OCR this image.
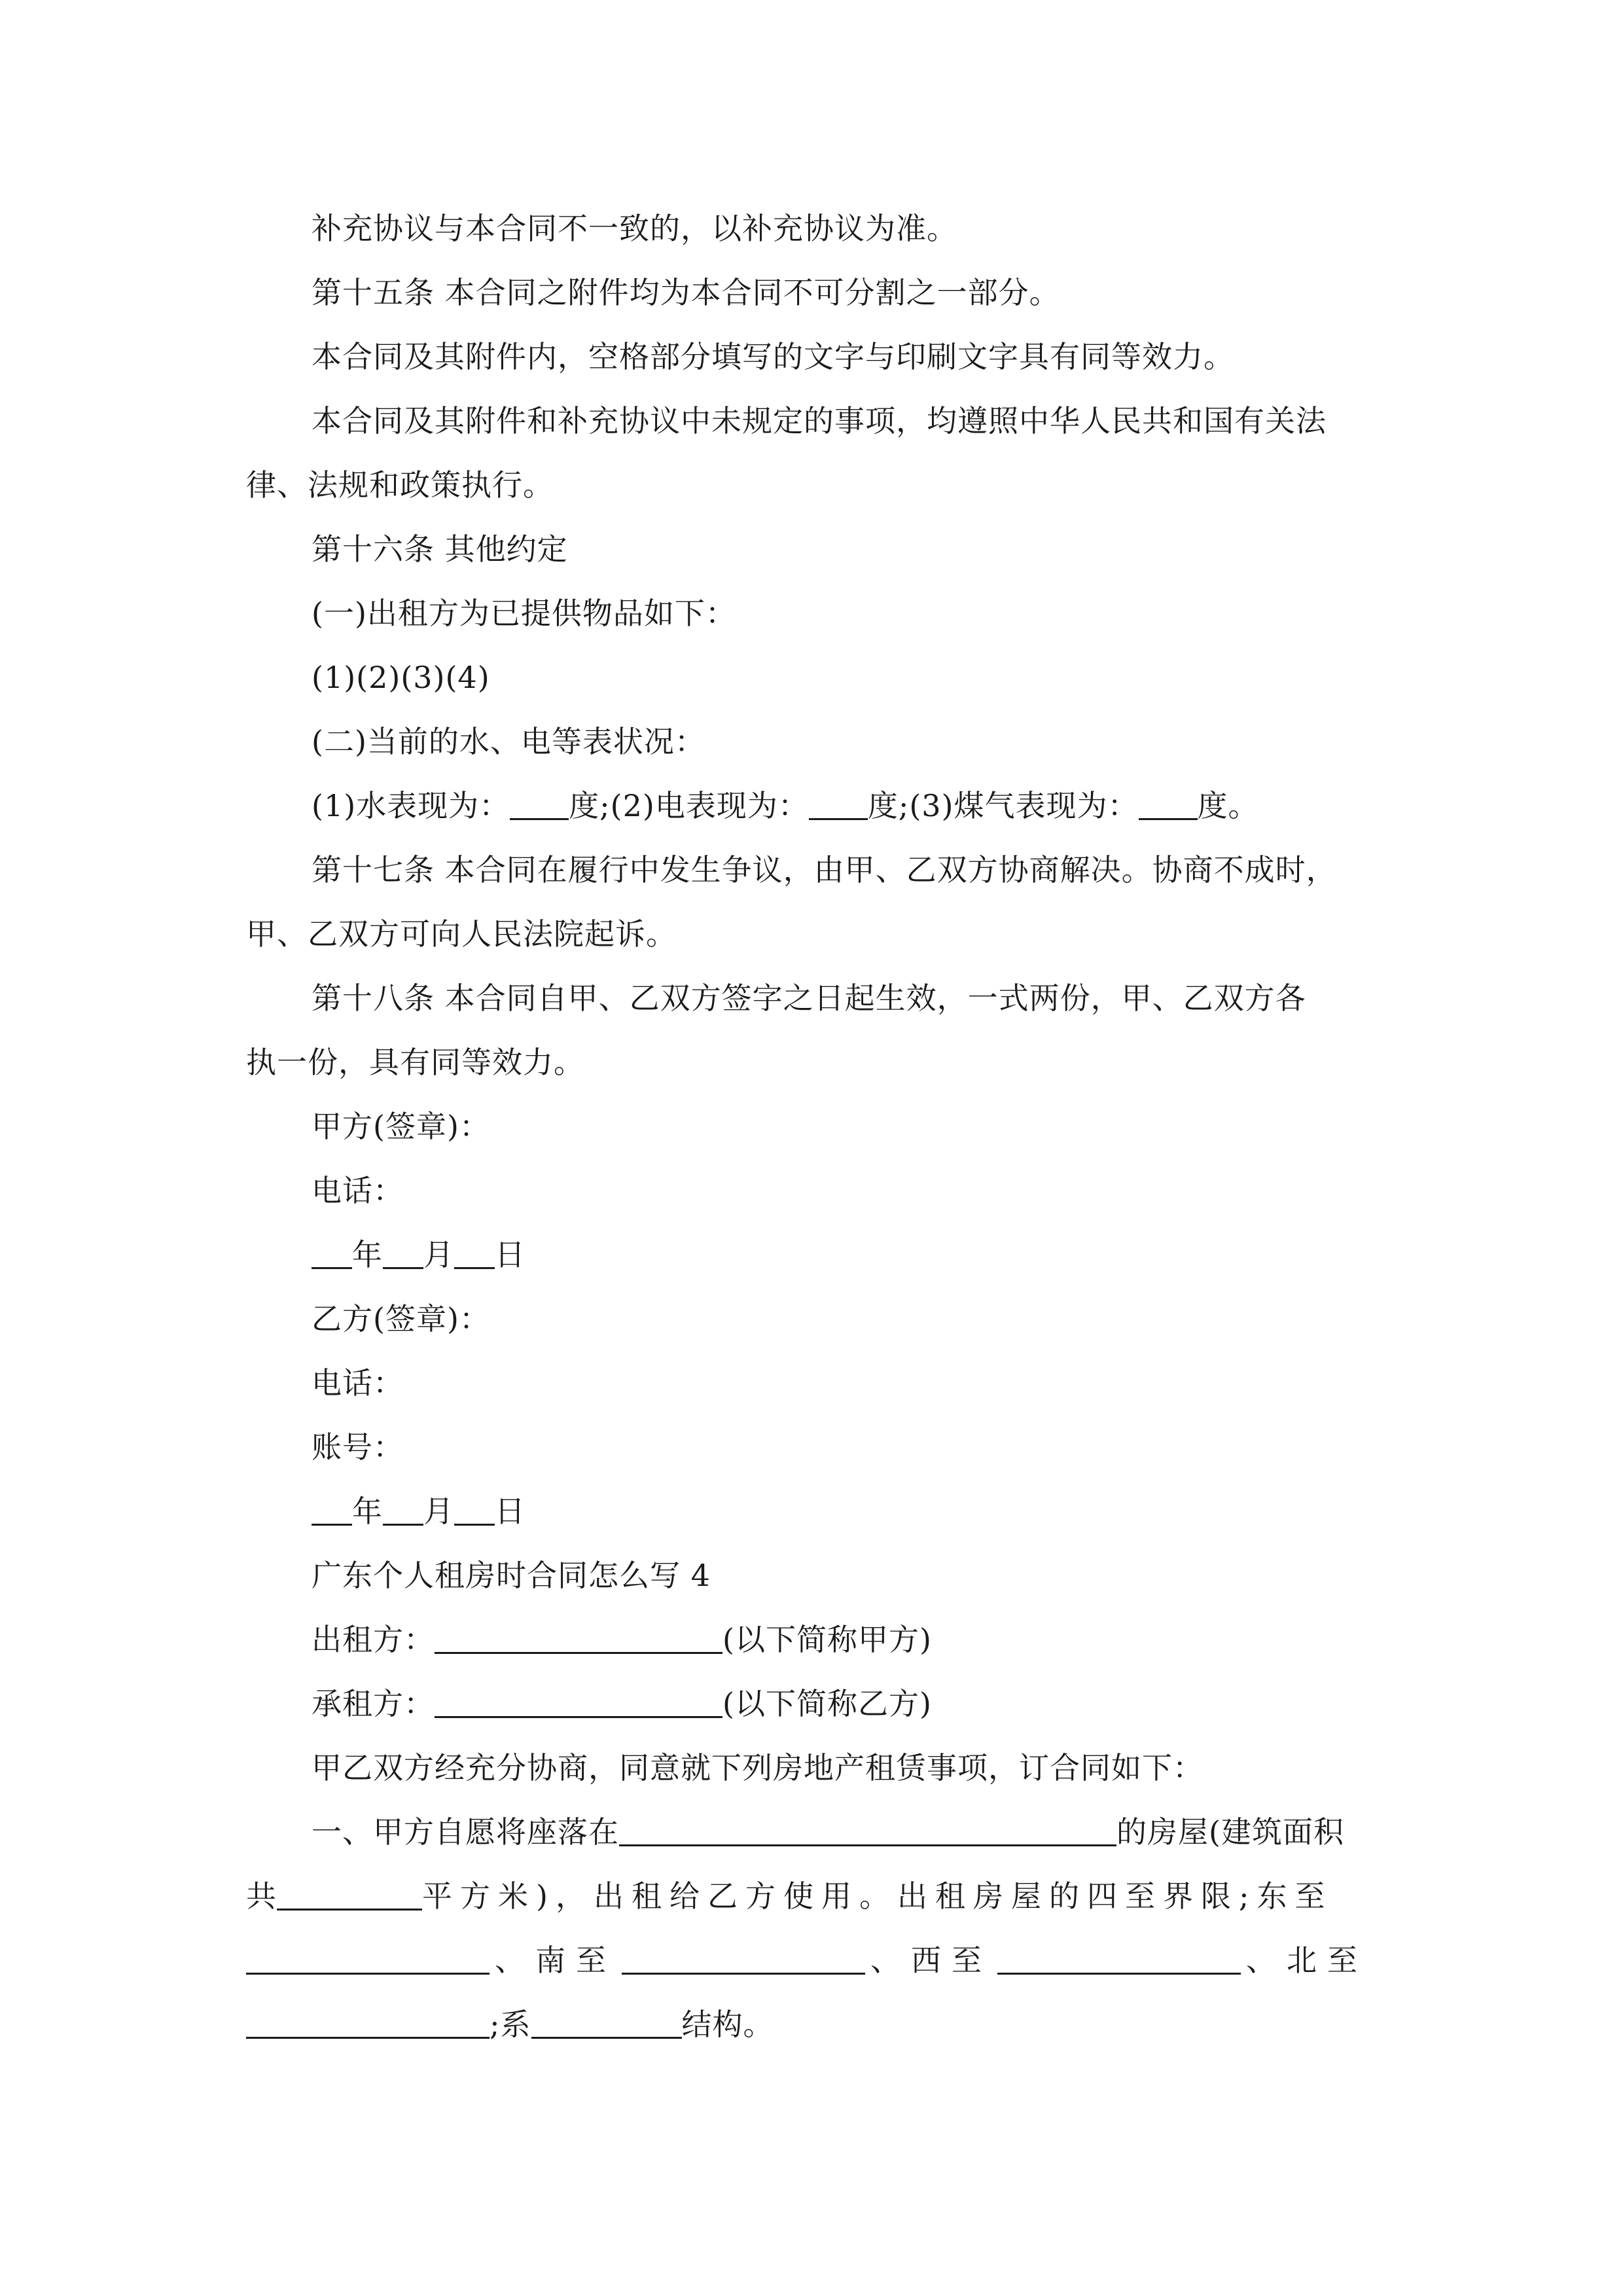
补充协议与本合同不一致的，以补充协议为准。
第十五条 本合同之附件均为本合同不可分割之一部分。
本合同及其附件内，空格部分填写的文字与印刷文字具有同等效力。
本合同及其附件和补充协议中未规定的事项，均遵照中华人民共和国有关法
律、法规和政策执行。
第十六条 其他约定
(一)出租方为已提供物品如下：
(1)(2)(3)(4)
(二)当前的水、电等表状况：
(1)水表现为： 度;(2)电表现为： 度;(3)煤气表现为： 度。
第十七条 本合同在履行中发生争议，由甲、乙双方协商解决。协商不成时，
甲、乙双方可向人民法院起诉。
第十八条 本合同自甲、乙双方签字之日起生效，一式两份，甲、乙双方各
执一份，具有同等效力。
甲方(签章)：
电话：
年 月 日
乙方(签章)：
电话：
账号：
年 月 日
广东个人租房时合同怎么写 4
出租方：	(以下简称甲方)
承租方：	(以下简称乙方)
甲乙双方经充分协商，同意就下列房地产租赁事项，订合同如下：
一、甲方自愿将座落在	的房屋(建筑面积
共	平方米)，出租给乙方使用。出租房屋的四至界限;东至
、南至	、西至	、北至
;系	结构。
